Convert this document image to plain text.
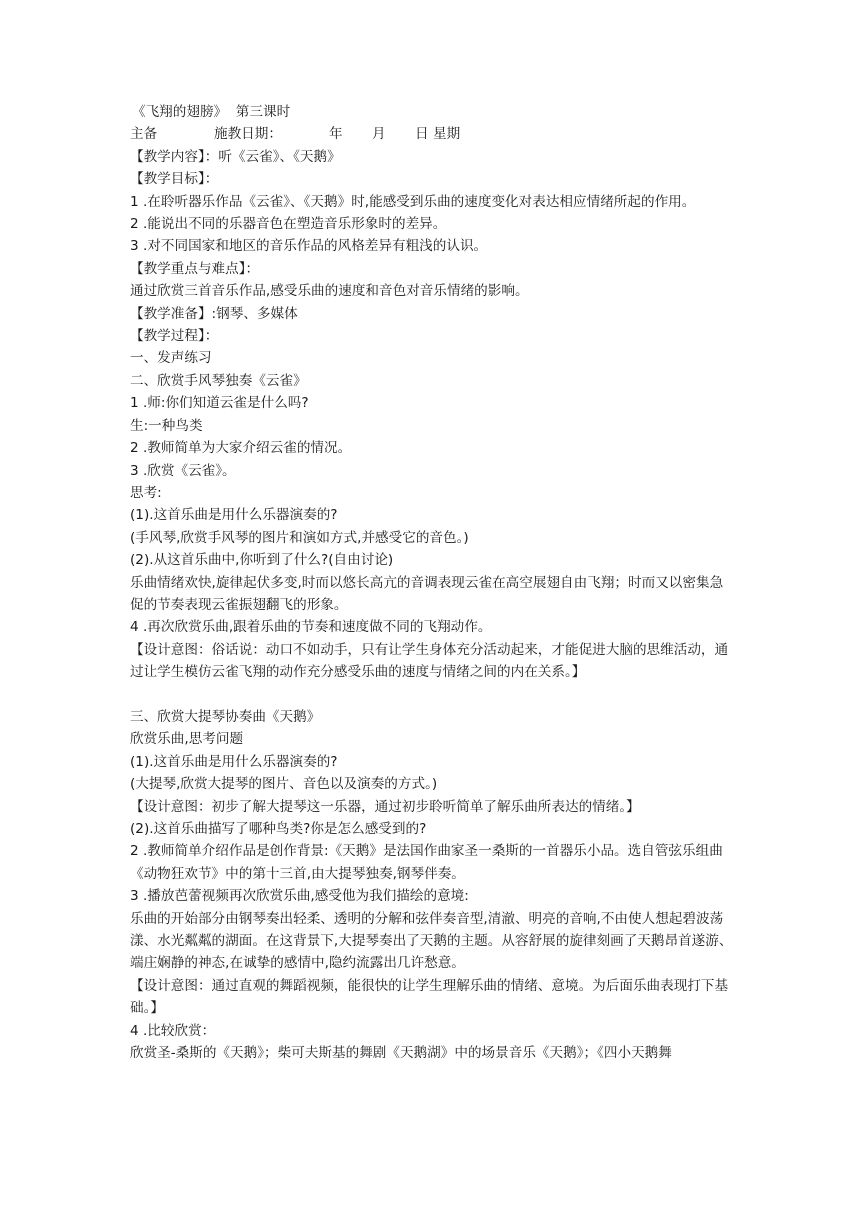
《飞翔的翅膀》  第三课时
主备	施教日期：	年	月	日 星期
【教学内容】：听《云雀》、《天鹅》
【教学目标】：
1 .在聆听器乐作品《云雀》、《天鹅》时,能感受到乐曲的速度变化对表达相应情绪所起的作用。
2 .能说出不同的乐器音色在塑造音乐形象时的差异。
3 .对不同国家和地区的音乐作品的风格差异有粗浅的认识。
【教学重点与难点】：
通过欣赏三首音乐作品,感受乐曲的速度和音色对音乐情绪的影响。
【教学准备】:钢琴、多媒体
【教学过程】：
一、发声练习
二、欣赏手风琴独奏《云雀》
1 .师:你们知道云雀是什么吗?
生:一种鸟类
2 .教师简单为大家介绍云雀的情况。
3 .欣赏《云雀》。
思考:
(1).这首乐曲是用什么乐器演奏的?
(手风琴,欣赏手风琴的图片和演如方式,并感受它的音色。)
(2).从这首乐曲中,你听到了什么?(自由讨论)
乐曲情绪欢快,旋律起伏多变,时而以悠长高亢的音调表现云雀在高空展翅自由飞翔；时而又以密集急促的节奏表现云雀振翅翻飞的形象。
4 .再次欣赏乐曲,跟着乐曲的节奏和速度做不同的飞翔动作。
【设计意图：俗话说：动口不如动手，只有让学生身体充分活动起来，才能促进大脑的思维活动，通过让学生模仿云雀飞翔的动作充分感受乐曲的速度与情绪之间的内在关系。】
三、欣赏大提琴协奏曲《天鹅》
欣赏乐曲,思考问题
(1).这首乐曲是用什么乐器演奏的?
(大提琴,欣赏大提琴的图片、音色以及演奏的方式。)
【设计意图：初步了解大提琴这一乐器，通过初步聆听简单了解乐曲所表达的情绪。】
(2).这首乐曲描写了哪种鸟类?你是怎么感受到的?
2 .教师简单介绍作品是创作背景:《天鹅》是法国作曲家圣一桑斯的一首器乐小品。选自管弦乐组曲《动物狂欢节》中的第十三首,由大提琴独奏,钢琴伴奏。
3 .播放芭蕾视频再次欣赏乐曲,感受他为我们描绘的意境:
乐曲的开始部分由钢琴奏出轻柔、透明的分解和弦伴奏音型,清澈、明亮的音响,不由使人想起碧波荡漾、水光粼粼的湖面。在这背景下,大提琴奏出了天鹅的主题。从容舒展的旋律刻画了天鹅昂首遂游、 端庄娴静的神态,在诚挚的感情中,隐约流露出几许愁意。
【设计意图：通过直观的舞蹈视频，能很快的让学生理解乐曲的情绪、意境。为后面乐曲表现打下基础。】
4 .比较欣赏：
欣赏圣-桑斯的《天鹅》；柴可夫斯基的舞剧《天鹅湖》中的场景音乐《天鹅》；《四小天鹅舞
